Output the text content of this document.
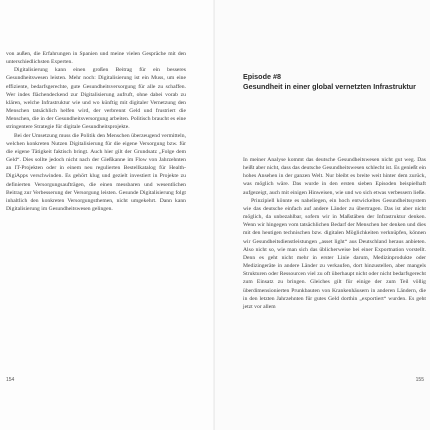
von außen, die Erfahrungen in Spanien und meine vielen Gespräche mit den unterschiedlichsten Experten.

Digitalisierung kann einen großen Beitrag für ein besseres Gesundheitswesen leisten. Mehr noch: Digitalisierung ist ein Muss, um eine effiziente, bedarfsgerechte, gute Gesundheitsversorgung für alle zu schaffen. Wer indes flächendeckend zur Digitalisierung aufruft, ohne dabei vorab zu klären, welche Infrastruktur wie und wo künftig mit digitaler Vernetzung den Menschen tatsächlich helfen wird, der verbrennt Geld und frustriert die Menschen, die in der Gesundheitsversorgung arbeiten. Politisch braucht es eine stringentere Strategie für digitale Gesundheitsprojekte.

Bei der Umsetzung muss die Politik den Menschen überzeugend vermitteln, welchen konkreten Nutzen Digitalisierung für die eigene Versorgung bzw. für die eigene Tätigkeit faktisch bringt. Auch hier gilt der Grundsatz „Folge dem Geld“. Dies sollte jedoch nicht nach der Gießkanne im Flow von Jahrzehnten an IT-Projekten oder in einem neu regulierten Bestellkatalog für Health-DigiApps verschwinden. Es gehört klug und gezielt investiert in Projekte zu definierten Versorgungsaufträgen, die einen messbaren und wesentlichen Beitrag zur Verbesserung der Versorgung leisten. Gesunde Digitalisierung folgt inhaltlich den konkreten Versorgungsthemen, nicht umgekehrt. Dann kann Digitalisierung im Gesundheitswesen gelingen.

154
Episode #8
Gesundheit in einer global vernetzten Infrastruktur

In meiner Analyse kommt das deutsche Gesundheitswesen nicht gut weg. Das heißt aber nicht, dass das deutsche Gesundheitswesen schlecht ist. Es genießt ein hohes Ansehen in der ganzen Welt. Nur bleibt es breite weit hinter dem zurück, was möglich wäre. Das wurde in den ersten sieben Episoden beispielhaft aufgezeigt, auch mit einigen Hinweisen, wie und wo sich etwas verbessern ließe.

Prinzipiell könnte es naheliegen, ein hoch entwickeltes Gesundheitssystem wie das deutsche einfach auf andere Länder zu übertragen. Das ist aber nicht möglich, da unbezahlbar, sofern wir in Maßstäben der Infrastruktur denken. Wenn wir hingegen vom tatsächlichen Bedarf der Menschen her denken und dies mit den heutigen technischen bzw. digitalen Möglichkeiten verknüpfen, können wir Gesundheitsdienstleistungen „asset light“ aus Deutschland heraus anbieten. Also nicht so, wie man sich das üblicherweise bei einer Exportnation vorstellt. Denn es geht nicht mehr in erster Linie darum, Medizinprodukte oder Medizingeräte in andere Länder zu verkaufen, dort hinzustellen, aber mangels Strukturen oder Ressourcen viel zu oft überhaupt nicht oder nicht bedarfsgerecht zum Einsatz zu bringen. Gleiches gilt für einige der zum Teil völlig überdimensionierten Prunkbauten von Krankenhäusern in anderen Ländern, die in den letzten Jahrzehnten für gutes Geld dorthin „exportiert“ wurden. Es geht jetzt vor allem

155
